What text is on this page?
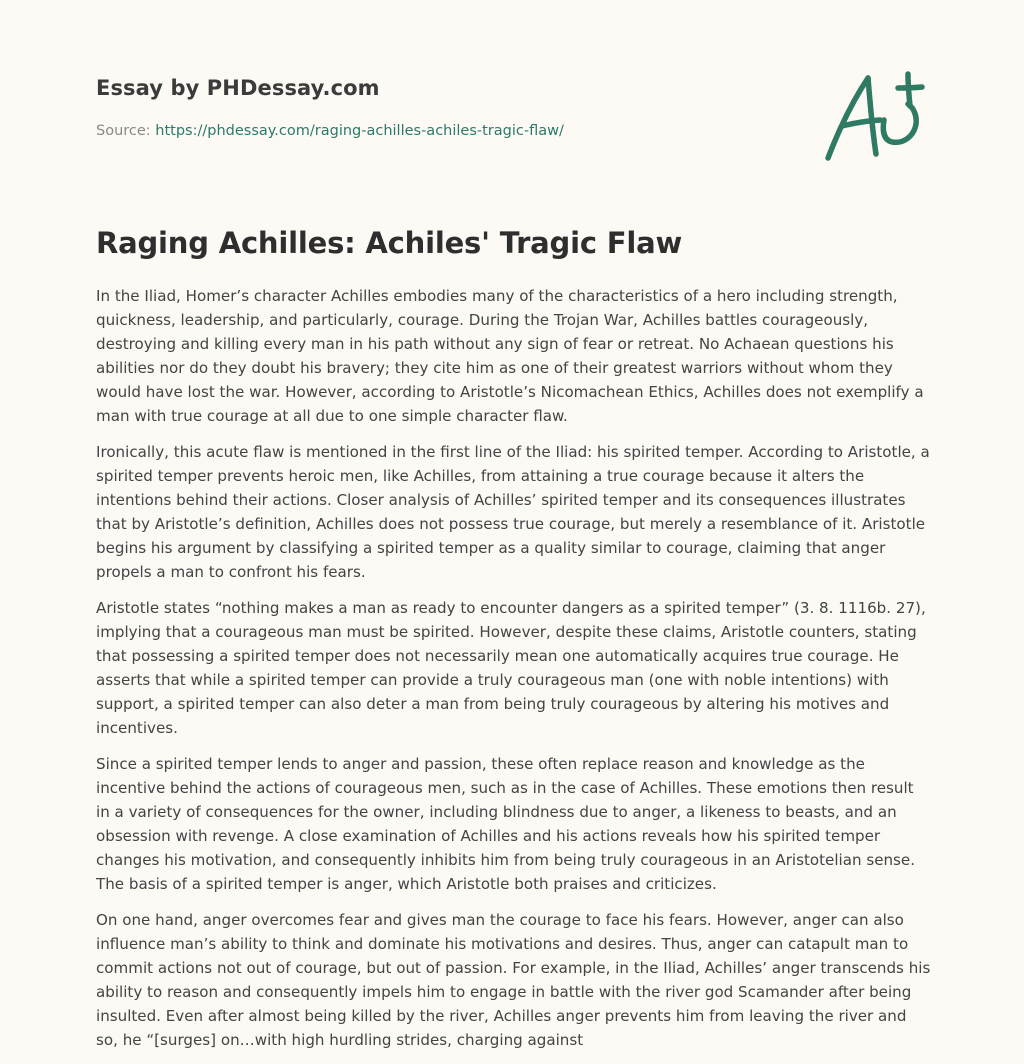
Essay by PHDessay.com

Source: https://phdessay.com/raging-achilles-achiles-tragic-flaw/

Raging Achilles: Achiles' Tragic Flaw

In the Iliad, Homer’s character Achilles embodies many of the characteristics of a hero including strength, quickness, leadership, and particularly, courage. During the Trojan War, Achilles battles courageously, destroying and killing every man in his path without any sign of fear or retreat. No Achaean questions his abilities nor do they doubt his bravery; they cite him as one of their greatest warriors without whom they would have lost the war. However, according to Aristotle’s Nicomachean Ethics, Achilles does not exemplify a man with true courage at all due to one simple character flaw.

Ironically, this acute flaw is mentioned in the first line of the Iliad: his spirited temper. According to Aristotle, a spirited temper prevents heroic men, like Achilles, from attaining a true courage because it alters the intentions behind their actions. Closer analysis of Achilles’ spirited temper and its consequences illustrates that by Aristotle’s definition, Achilles does not possess true courage, but merely a resemblance of it. Aristotle begins his argument by classifying a spirited temper as a quality similar to courage, claiming that anger propels a man to confront his fears.

Aristotle states “nothing makes a man as ready to encounter dangers as a spirited temper” (3. 8. 1116b. 27), implying that a courageous man must be spirited. However, despite these claims, Aristotle counters, stating that possessing a spirited temper does not necessarily mean one automatically acquires true courage. He asserts that while a spirited temper can provide a truly courageous man (one with noble intentions) with support, a spirited temper can also deter a man from being truly courageous by altering his motives and incentives.

Since a spirited temper lends to anger and passion, these often replace reason and knowledge as the incentive behind the actions of courageous men, such as in the case of Achilles. These emotions then result in a variety of consequences for the owner, including blindness due to anger, a likeness to beasts, and an obsession with revenge. A close examination of Achilles and his actions reveals how his spirited temper changes his motivation, and consequently inhibits him from being truly courageous in an Aristotelian sense. The basis of a spirited temper is anger, which Aristotle both praises and criticizes.

On one hand, anger overcomes fear and gives man the courage to face his fears. However, anger can also influence man’s ability to think and dominate his motivations and desires. Thus, anger can catapult man to commit actions not out of courage, but out of passion. For example, in the Iliad, Achilles’ anger transcends his ability to reason and consequently impels him to engage in battle with the river god Scamander after being insulted. Even after almost being killed by the river, Achilles anger prevents him from leaving the river and so, he “[surges] on…with high hurdling strides, charging against
